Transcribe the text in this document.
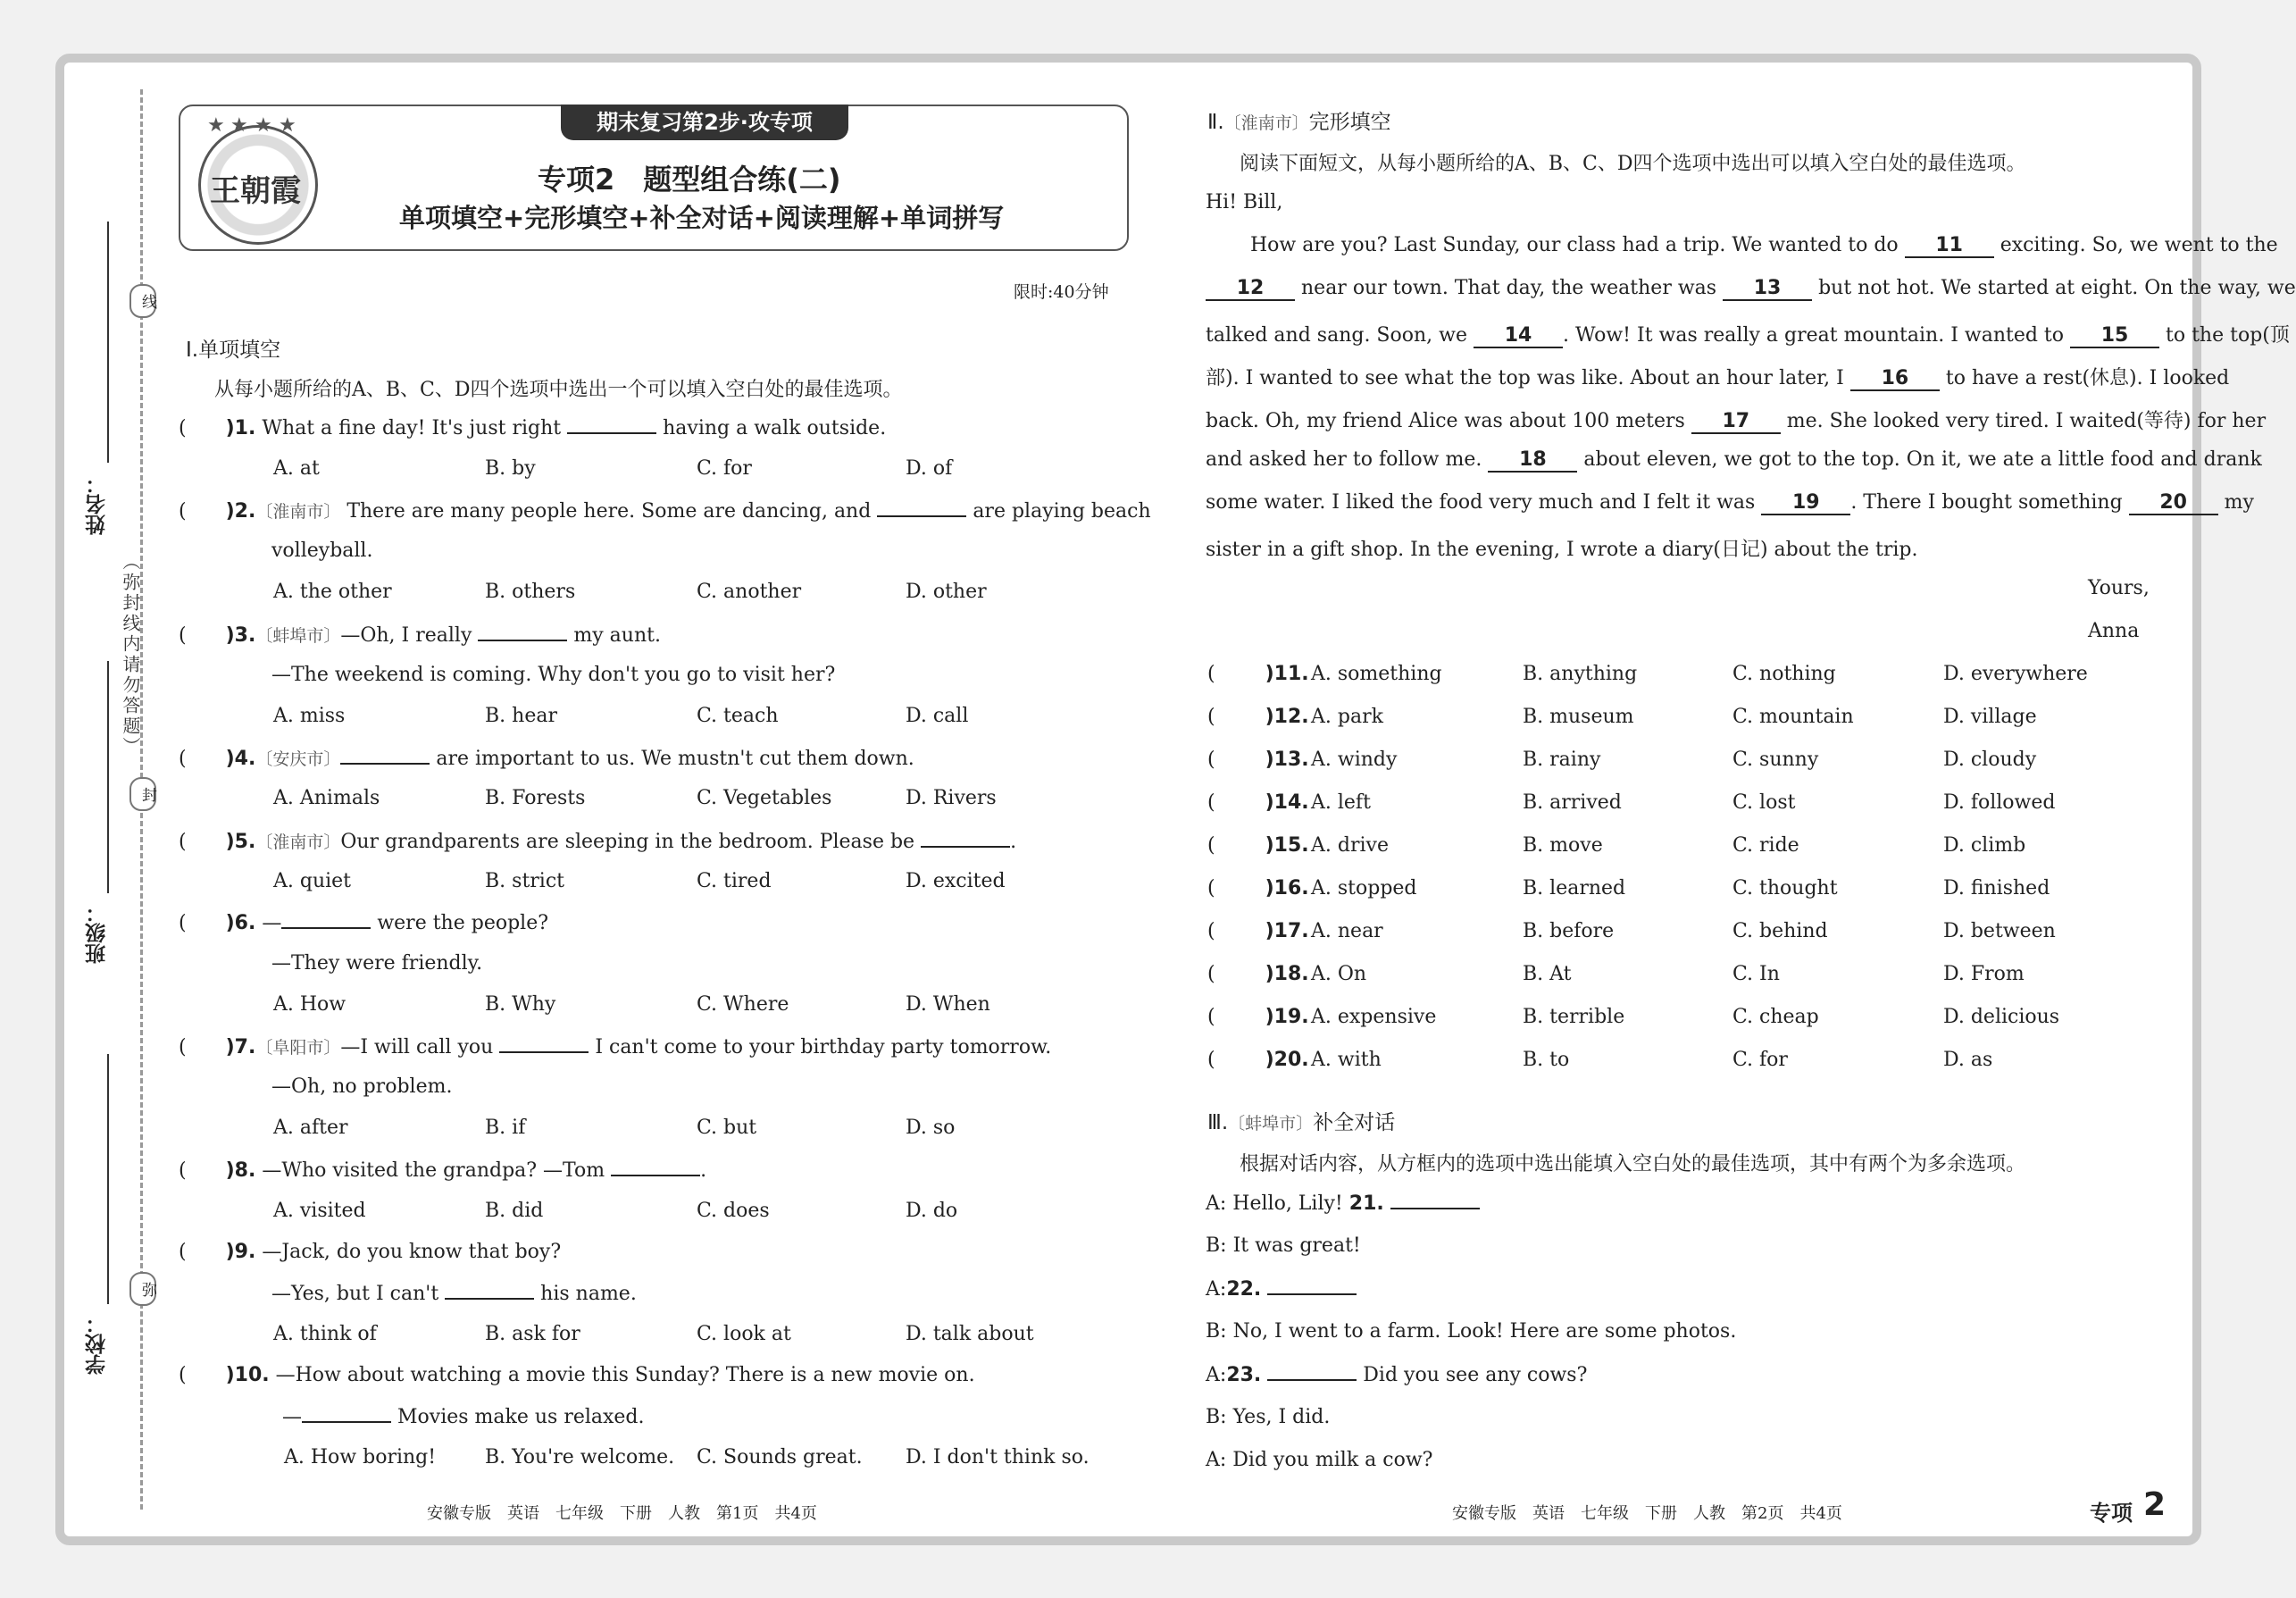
线
封
弥
（弥封线内请勿答题）
姓名：
班级：
学校：
期末复习第2步·攻专项
★ ★ ★ ★
王朝霞	专项2　题型组合练(二)
单项填空+完形填空+补全对话+阅读理解+单词拼写
限时:40分钟
Ⅰ.单项填空
从每小题所给的A、B、C、D四个选项中选出一个可以填入空白处的最佳选项。
( )1. What a fine day! It's just right	having a walk outside.
A. at	B. by	C. for	D. of
( )2.〔淮南市〕 There are many people here. Some are dancing, and	are playing beach
volleyball.
A. the other	B. others	C. another	D. other
( )3.〔蚌埠市〕—Oh, I really	my aunt.
—The weekend is coming. Why don't you go to visit her?
A. miss	B. hear	C. teach	D. call
( )4.〔安庆市〕	are important to us. We mustn't cut them down.
A. Animals	B. Forests	C. Vegetables	D. Rivers
( )5.〔淮南市〕Our grandparents are sleeping in the bedroom. Please be	.
A. quiet	B. strict	C. tired	D. excited
( )6. —	were the people?
—They were friendly.
A. How	B. Why	C. Where	D. When
( )7.〔阜阳市〕—I will call you	I can't come to your birthday party tomorrow.
—Oh, no problem.
A. after	B. if	C. but	D. so
( )8. —Who visited the grandpa? —Tom	.
A. visited	B. did	C. does	D. do
( )9. —Jack, do you know that boy?
—Yes, but I can't	his name.
A. think of	B. ask for	C. look at	D. talk about
( )10. —How about watching a movie this Sunday? There is a new movie on.
—	Movies make us relaxed.
A. How boring! B. You're welcome. C. Sounds great. D. I don't think so.
安徽专版　英语　七年级　下册　人教　第1页　共4页
Ⅱ.〔淮南市〕完形填空
阅读下面短文，从每小题所给的A、B、C、D四个选项中选出可以填入空白处的最佳选项。
Hi! Bill,
How are you? Last Sunday, our class had a trip. We wanted to do 11 exciting. So, we went to the
12 near our town. That day, the weather was 13 but not hot. We started at eight. On the way, we
talked and sang. Soon, we 14 . Wow! It was really a great mountain. I wanted to 15 to the top(顶
部). I wanted to see what the top was like. About an hour later, I 16 to have a rest(休息). I looked
back. Oh, my friend Alice was about 100 meters 17 me. She looked very tired. I waited(等待) for her
and asked her to follow me. 18 about eleven, we got to the top. On it, we ate a little food and drank
some water. I liked the food very much and I felt it was 19 . There I bought something 20 my
sister in a gift shop. In the evening, I wrote a diary(日记) about the trip.
Yours,
Anna
(	)11. A. something	B. anything	C. nothing	D. everywhere
(	)12. A. park	B. museum	C. mountain	D. village
(	)13. A. windy	B. rainy	C. sunny	D. cloudy
(	)14. A. left	B. arrived	C. lost	D. followed
(	)15. A. drive	B. move	C. ride	D. climb
(	)16. A. stopped	B. learned	C. thought	D. finished
(	)17. A. near	B. before	C. behind	D. between
(	)18. A. On	B. At	C. In	D. From
(	)19. A. expensive	B. terrible	C. cheap	D. delicious
(	)20. A. with	B. to	C. for	D. as
Ⅲ.〔蚌埠市〕补全对话
根据对话内容，从方框内的选项中选出能填入空白处的最佳选项，其中有两个为多余选项。
A: Hello, Lily! 21.
B: It was great!
A:22.
B: No, I went to a farm. Look! Here are some photos.
A:23.	Did you see any cows?
B: Yes, I did.
A: Did you milk a cow?
安徽专版　英语　七年级　下册　人教　第2页　共4页	专项 2
